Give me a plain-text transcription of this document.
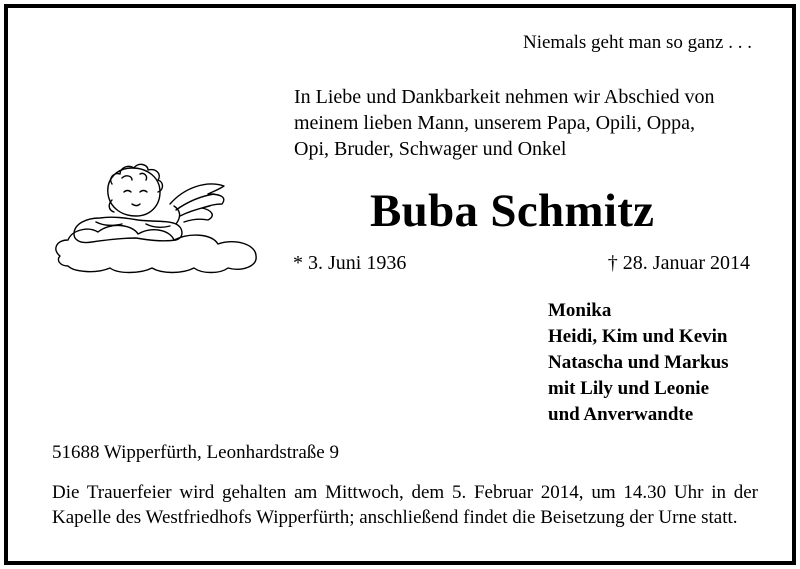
Niemals geht man so ganz . . .
In Liebe und Dankbarkeit nehmen wir Abschied von
meinem lieben Mann, unserem Papa, Opili, Oppa,
Opi, Bruder, Schwager und Onkel
Buba Schmitz
* 3. Juni 1936	† 28. Januar 2014
Monika
Heidi, Kim und Kevin
Natascha und Markus
mit Lily und Leonie
und Anverwandte
51688 Wipperfürth, Leonhardstraße 9
Die Trauerfeier wird gehalten am Mittwoch, dem 5. Februar 2014, um 14.30 Uhr in der Kapelle des Westfriedhofs Wipperfürth; anschließend findet die Beisetzung der Urne statt.
